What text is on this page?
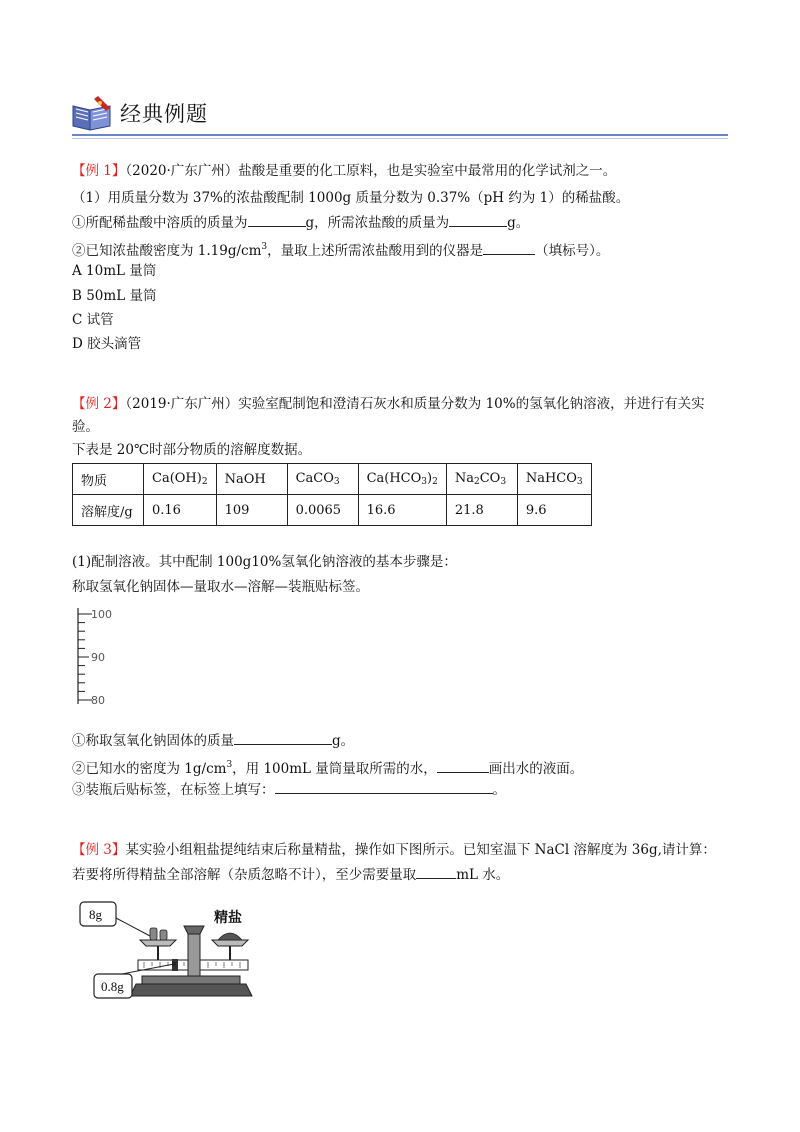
经典例题
【例 1】（2020·广东广州）盐酸是重要的化工原料，也是实验室中最常用的化学试剂之一。
（1）用质量分数为 37%的浓盐酸配制 1000g 质量分数为 0.37%（pH 约为 1）的稀盐酸。
①所配稀盐酸中溶质的质量为	g，所需浓盐酸的质量为	g。
②已知浓盐酸密度为 $1.19g/cm^3$，量取上述所需浓盐酸用到的仪器是	（填标号）。
A 10mL 量筒
B 50mL 量筒
C 试管
D 胶头滴管
【例 2】（2019·广东广州）实验室配制饱和澄清石灰水和质量分数为 10%的氢氧化钠溶液，并进行有关实
验。
下表是 20℃时部分物质的溶解度数据。
物质	$Ca(OH)_2$	NaOH	CaCO$_3$	$Ca(HCO_3)_2$	$Na_2CO_3$	NaHCO$_3$
溶解度/g	0.16	109	0.0065	16.6	21.8	9.6
(1)配制溶液。其中配制 100g10%氢氧化钠溶液的基本步骤是：
称取氢氧化钠固体—量取水—溶解—装瓶贴标签。
100
90
80
①称取氢氧化钠固体的质量	g。
②已知水的密度为 $1g/cm^3$，用 100mL 量筒量取所需的水，	画出水的液面。
③装瓶后贴标签，在标签上填写：	。
【例 3】某实验小组粗盐提纯结束后称量精盐，操作如下图所示。已知室温下 NaCl 溶解度为 36g,请计算：
若要将所得精盐全部溶解（杂质忽略不计），至少需要量取	mL 水。
8g
0.8g
精盐
